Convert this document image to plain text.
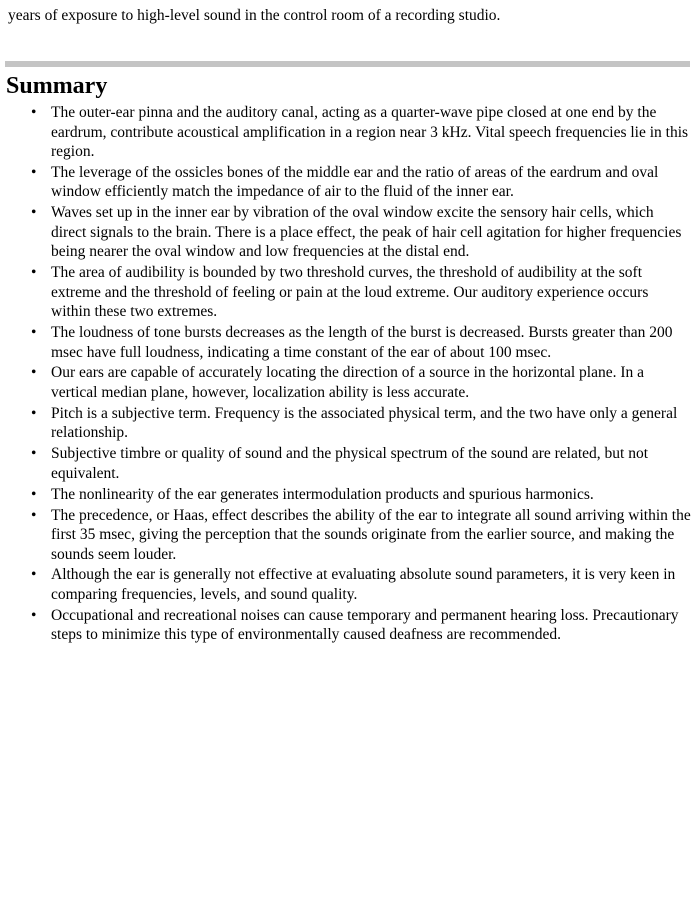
years of exposure to high-level sound in the control room of a recording studio.
Summary
• The outer-ear pinna and the auditory canal, acting as a quarter-wave pipe closed at one end by the eardrum, contribute acoustical amplification in a region near 3 kHz. Vital speech frequencies lie in this region.
• The leverage of the ossicles bones of the middle ear and the ratio of areas of the eardrum and oval window efficiently match the impedance of air to the fluid of the inner ear.
• Waves set up in the inner ear by vibration of the oval window excite the sensory hair cells, which direct signals to the brain. There is a place effect, the peak of hair cell agitation for higher frequencies being nearer the oval window and low frequencies at the distal end.
• The area of audibility is bounded by two threshold curves, the threshold of audibility at the soft extreme and the threshold of feeling or pain at the loud extreme. Our auditory experience occurs within these two extremes.
• The loudness of tone bursts decreases as the length of the burst is decreased. Bursts greater than 200 msec have full loudness, indicating a time constant of the ear of about 100 msec.
• Our ears are capable of accurately locating the direction of a source in the horizontal plane. In a vertical median plane, however, localization ability is less accurate.
• Pitch is a subjective term. Frequency is the associated physical term, and the two have only a general relationship.
• Subjective timbre or quality of sound and the physical spectrum of the sound are related, but not equivalent.
• The nonlinearity of the ear generates intermodulation products and spurious harmonics.
• The precedence, or Haas, effect describes the ability of the ear to integrate all sound arriving within the first 35 msec, giving the perception that the sounds originate from the earlier source, and making the sounds seem louder.
• Although the ear is generally not effective at evaluating absolute sound parameters, it is very keen in comparing frequencies, levels, and sound quality.
• Occupational and recreational noises can cause temporary and permanent hearing loss. Precautionary steps to minimize this type of environmentally caused deafness are recommended.
